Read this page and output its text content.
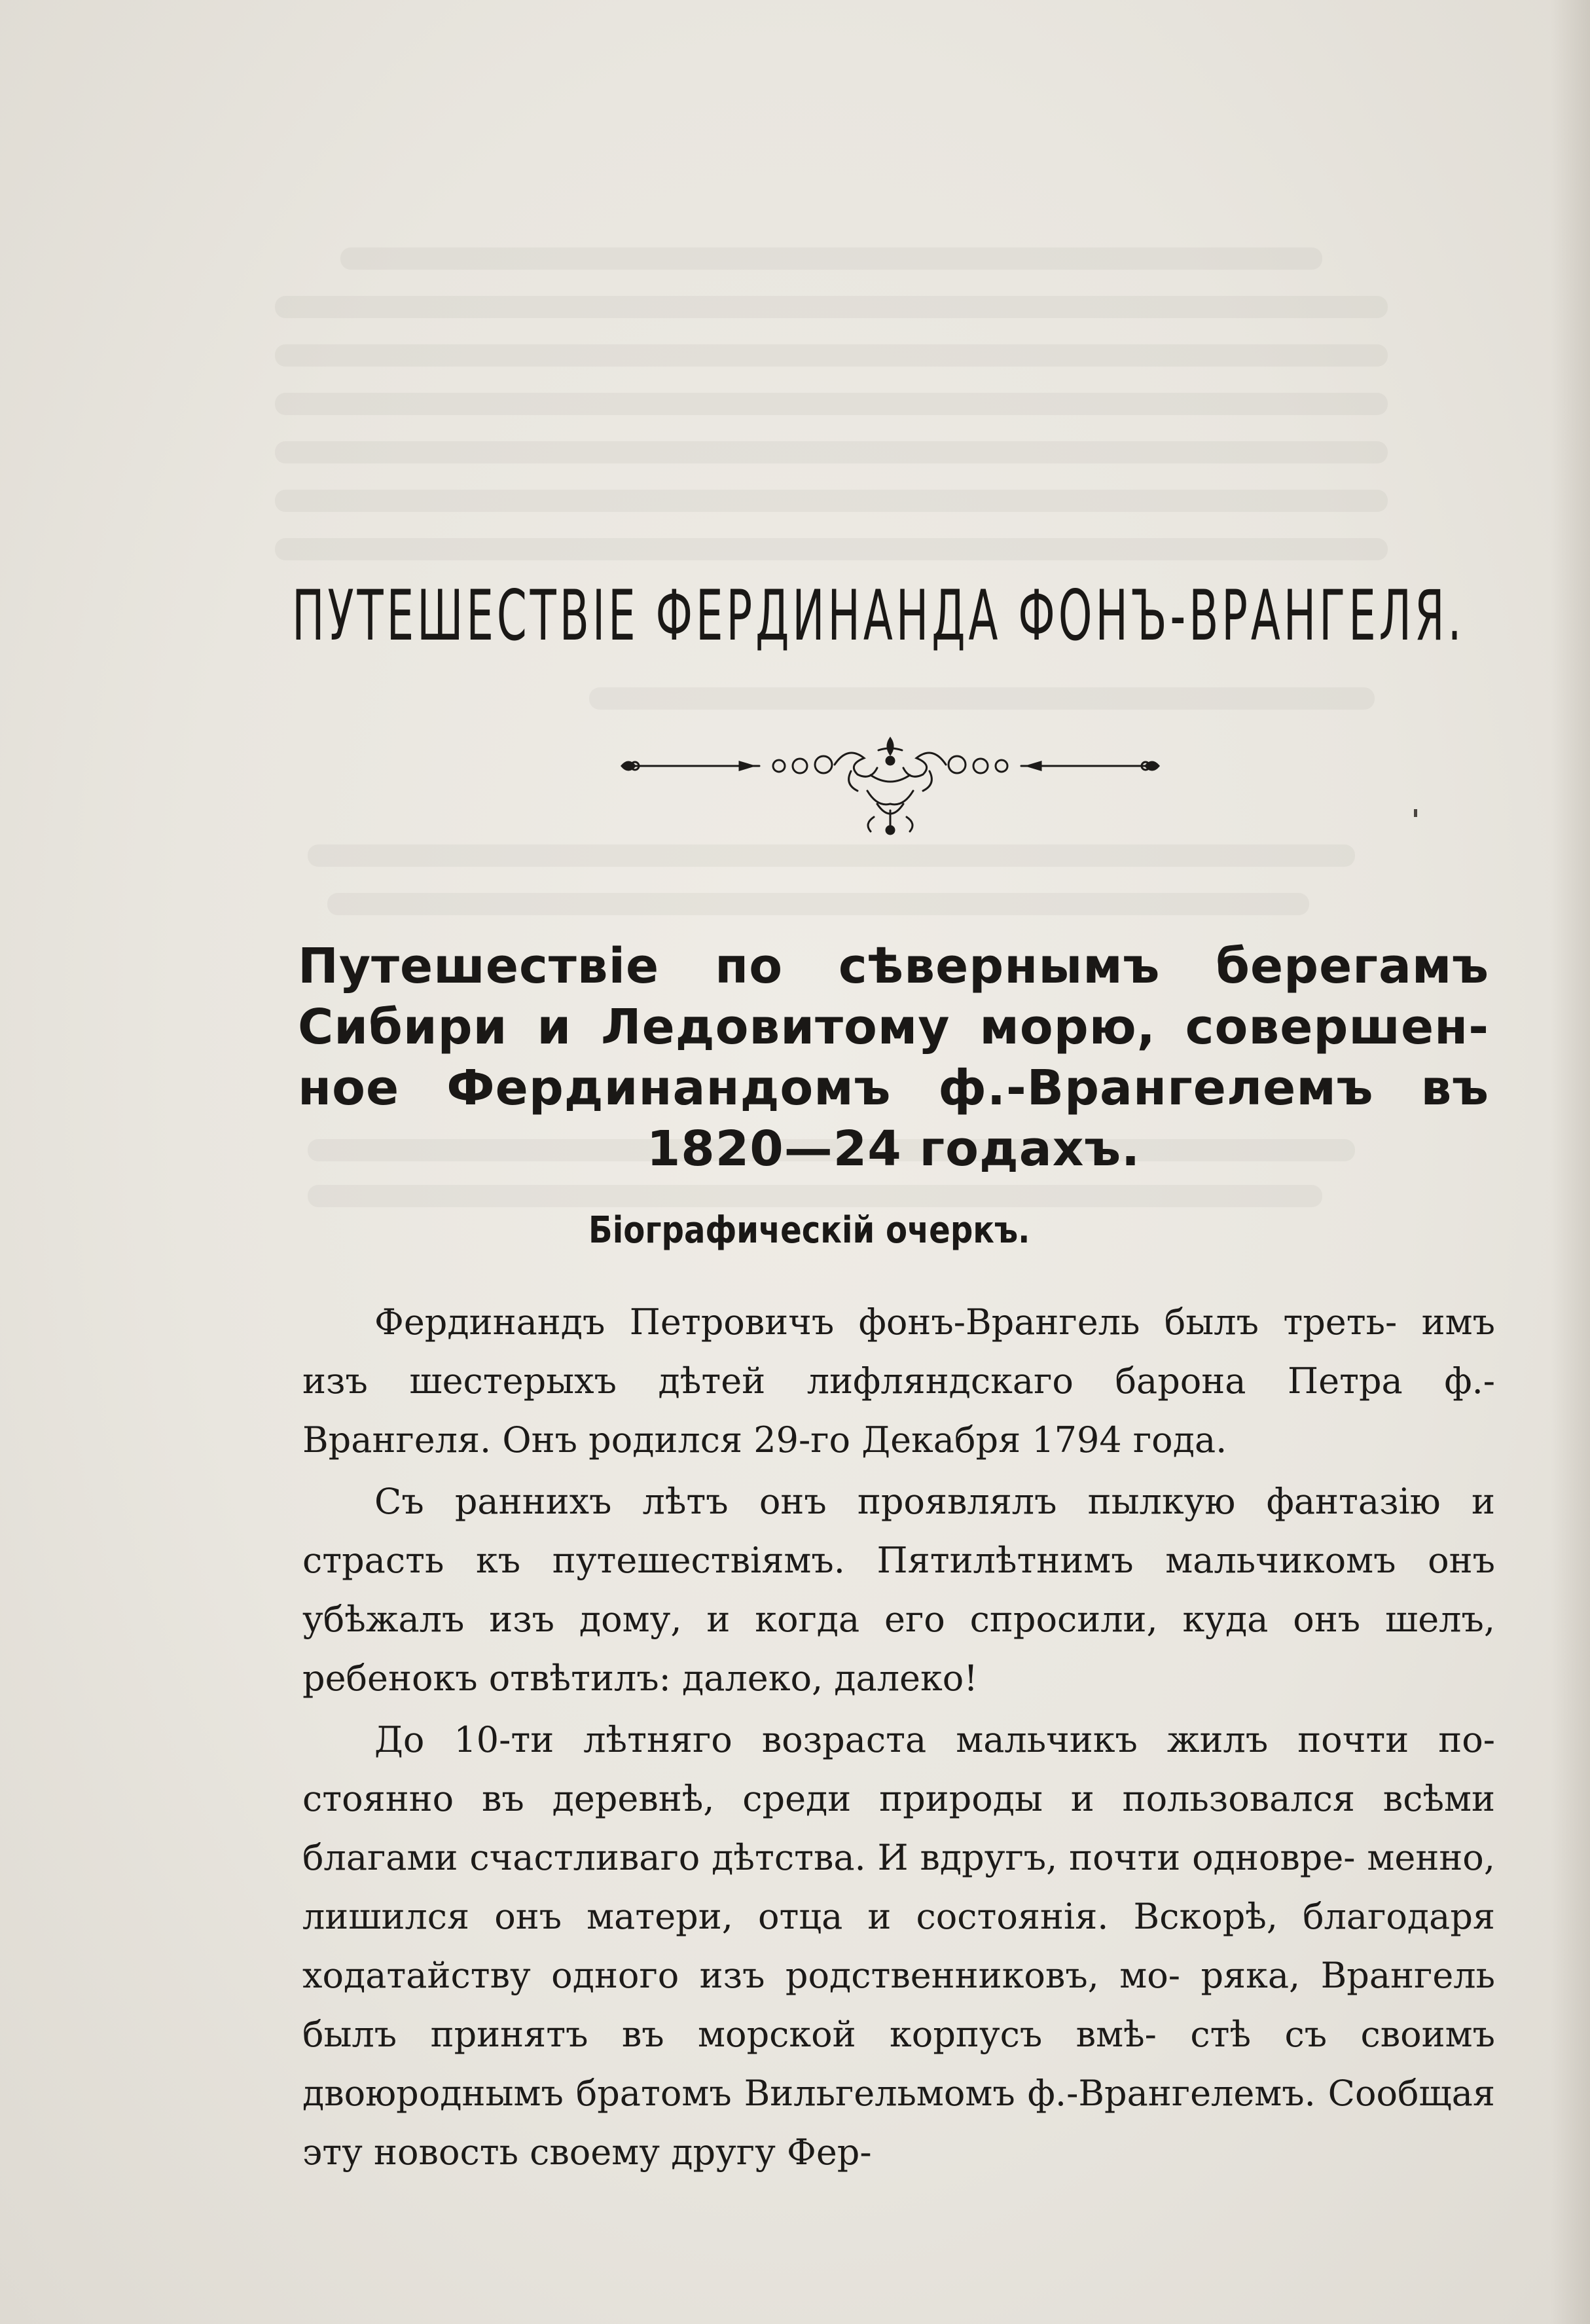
ПУТЕШЕСТВІЕ ФЕРДИНАНДА ФОНЪ-ВРАНГЕЛЯ.
Путешествіе по сѣвернымъ берегамъ
Сибири и Ледовитому морю, совершен-
ное Фердинандомъ ф.-Врангелемъ въ
1820—24 годахъ.
Біографическій очеркъ.

Фердинандъ Петровичъ фонъ-Врангель былъ треть- имъ изъ шестерыхъ дѣтей лифляндскаго барона Петра ф.-Врангеля. Онъ родился 29-го Декабря 1794 года.

Съ раннихъ лѣтъ онъ проявлялъ пылкую фантазію и страсть къ путешествіямъ. Пятилѣтнимъ мальчикомъ онъ убѣжалъ изъ дому, и когда его спросили, куда онъ шелъ, ребенокъ отвѣтилъ: далеко, далеко!

До 10-ти лѣтняго возраста мальчикъ жилъ почти по- стоянно въ деревнѣ, среди природы и пользовался всѣми благами счастливаго дѣтства. И вдругъ, почти одновре- менно, лишился онъ матери, отца и состоянія. Вскорѣ, благодаря ходатайству одного изъ родственниковъ, мо- ряка, Врангель былъ принятъ въ морской корпусъ вмѣ- стѣ съ своимъ двоюроднымъ братомъ Вильгельмомъ ф.-Врангелемъ. Сообщая эту новость своему другу Фер-
